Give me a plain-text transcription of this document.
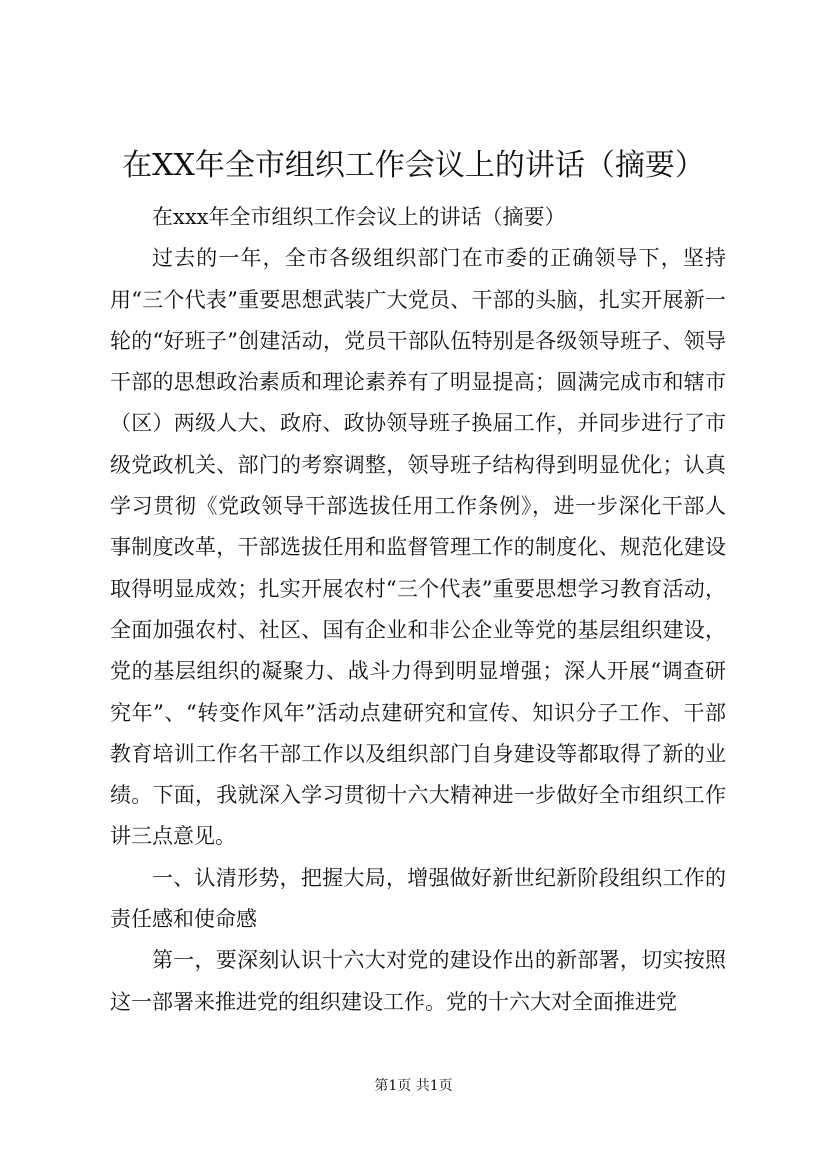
在XX年全市组织工作会议上的讲话（摘要）

在xxx年全市组织工作会议上的讲话（摘要）

过去的一年，全市各级组织部门在市委的正确领导下，坚持用“三个代表”重要思想武装广大党员、干部的头脑，扎实开展新一轮的“好班子”创建活动，党员干部队伍特别是各级领导班子、领导干部的思想政治素质和理论素养有了明显提高；圆满完成市和辖市（区）两级人大、政府、政协领导班子换届工作，并同步进行了市级党政机关、部门的考察调整，领导班子结构得到明显优化；认真学习贯彻《党政领导干部选拔任用工作条例》，进一步深化干部人事制度改革，干部选拔任用和监督管理工作的制度化、规范化建设取得明显成效；扎实开展农村“三个代表”重要思想学习教育活动，全面加强农村、社区、国有企业和非公企业等党的基层组织建设，党的基层组织的凝聚力、战斗力得到明显增强；深人开展“调查研究年”、“转变作风年”活动点建研究和宣传、知识分子工作、干部教育培训工作名干部工作以及组织部门自身建设等都取得了新的业绩。下面，我就深入学习贯彻十六大精神进一步做好全市组织工作讲三点意见。

一、认清形势，把握大局，增强做好新世纪新阶段组织工作的责任感和使命感

第一，要深刻认识十六大对党的建设作出的新部署，切实按照这一部署来推进党的组织建设工作。党的十六大对全面推进党

第1页 共1页
